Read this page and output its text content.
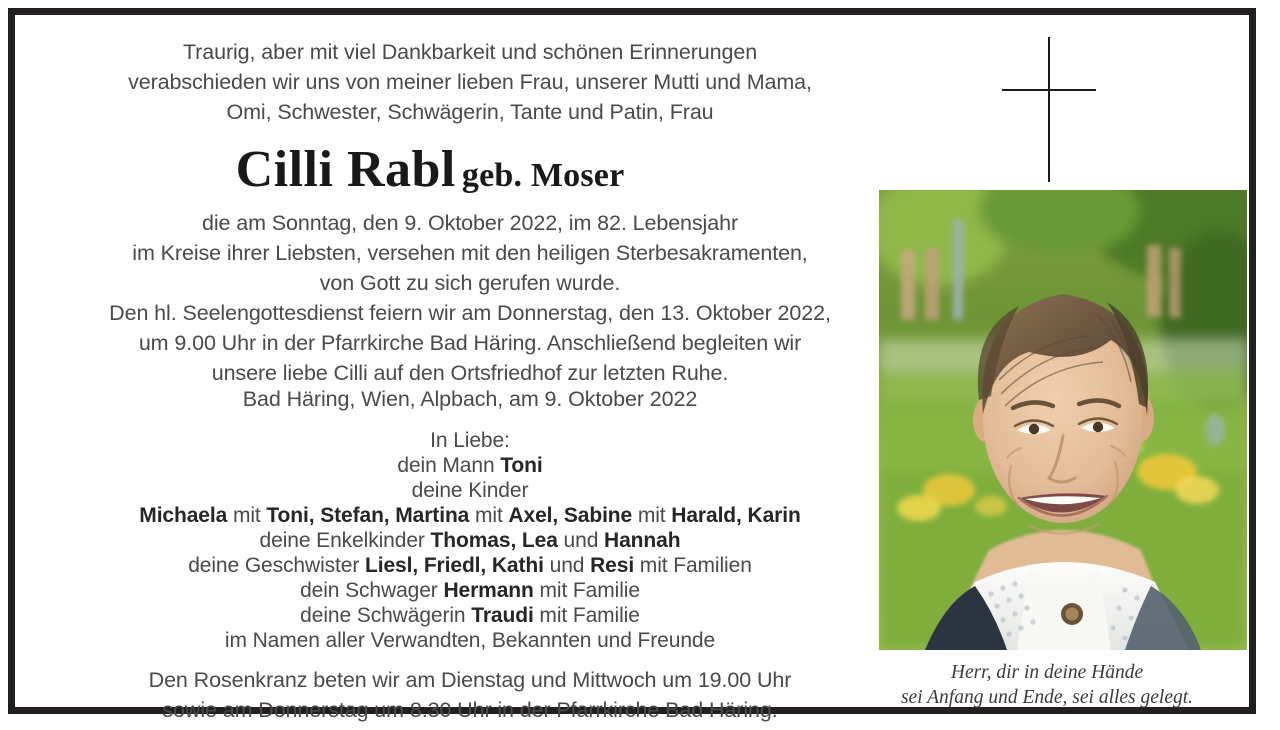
Traurig, aber mit viel Dankbarkeit und schönen Erinnerungen
verabschieden wir uns von meiner lieben Frau, unserer Mutti und Mama,
Omi, Schwester, Schwägerin, Tante und Patin, Frau
Cilli Rabl geb. Moser
die am Sonntag, den 9. Oktober 2022, im 82. Lebensjahr
im Kreise ihrer Liebsten, versehen mit den heiligen Sterbesakramenten,
von Gott zu sich gerufen wurde.
Den hl. Seelengottesdienst feiern wir am Donnerstag, den 13. Oktober 2022,
um 9.00 Uhr in der Pfarrkirche Bad Häring. Anschließend begleiten wir
unsere liebe Cilli auf den Ortsfriedhof zur letzten Ruhe.
Bad Häring, Wien, Alpbach, am 9. Oktober 2022
In Liebe:
dein Mann Toni
deine Kinder
Michaela mit Toni, Stefan, Martina mit Axel, Sabine mit Harald, Karin
deine Enkelkinder Thomas, Lea und Hannah
deine Geschwister Liesl, Friedl, Kathi und Resi mit Familien
dein Schwager Hermann mit Familie
deine Schwägerin Traudi mit Familie
im Namen aller Verwandten, Bekannten und Freunde
Den Rosenkranz beten wir am Dienstag und Mittwoch um 19.00 Uhr
sowie am Donnerstag um 8.30 Uhr in der Pfarrkirche Bad Häring.
Herr, dir in deine Hände
sei Anfang und Ende, sei alles gelegt.
